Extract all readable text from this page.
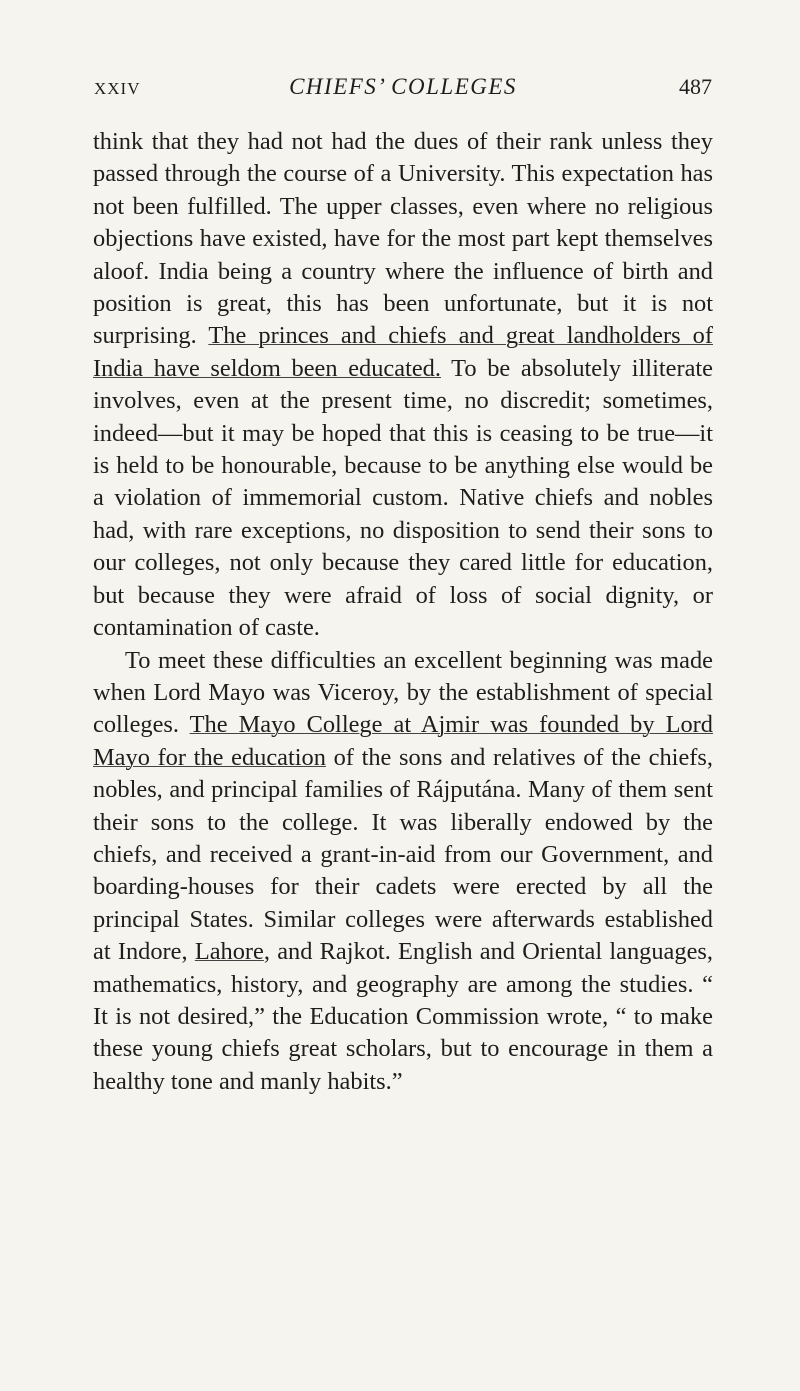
XXIV	CHIEFS’ COLLEGES	487

think that they had not had the dues of their rank unless they passed through the course of a University. This expectation has not been fulfilled. The upper classes, even where no religious objections have existed, have for the most part kept themselves aloof. India being a country where the influence of birth and position is great, this has been unfortunate, but it is not surprising. The princes and chiefs and great landholders of India have seldom been educated. To be absolutely illiterate involves, even at the present time, no discredit; sometimes, indeed—but it may be hoped that this is ceasing to be true—it is held to be honourable, because to be anything else would be a violation of immemorial custom. Native chiefs and nobles had, with rare exceptions, no disposition to send their sons to our colleges, not only because they cared little for education, but because they were afraid of loss of social dignity, or contamination of caste.

To meet these difficulties an excellent beginning was made when Lord Mayo was Viceroy, by the establishment of special colleges. The Mayo College at Ajmir was founded by Lord Mayo for the education of the sons and relatives of the chiefs, nobles, and principal families of Rájputána. Many of them sent their sons to the college. It was liberally endowed by the chiefs, and received a grant-in-aid from our Government, and boarding-houses for their cadets were erected by all the principal States. Similar colleges were afterwards established at Indore, Lahore, and Rajkot. English and Oriental languages, mathematics, history, and geography are among the studies. “ It is not desired,” the Education Commission wrote, “ to make these young chiefs great scholars, but to encourage in them a healthy tone and manly habits.”
